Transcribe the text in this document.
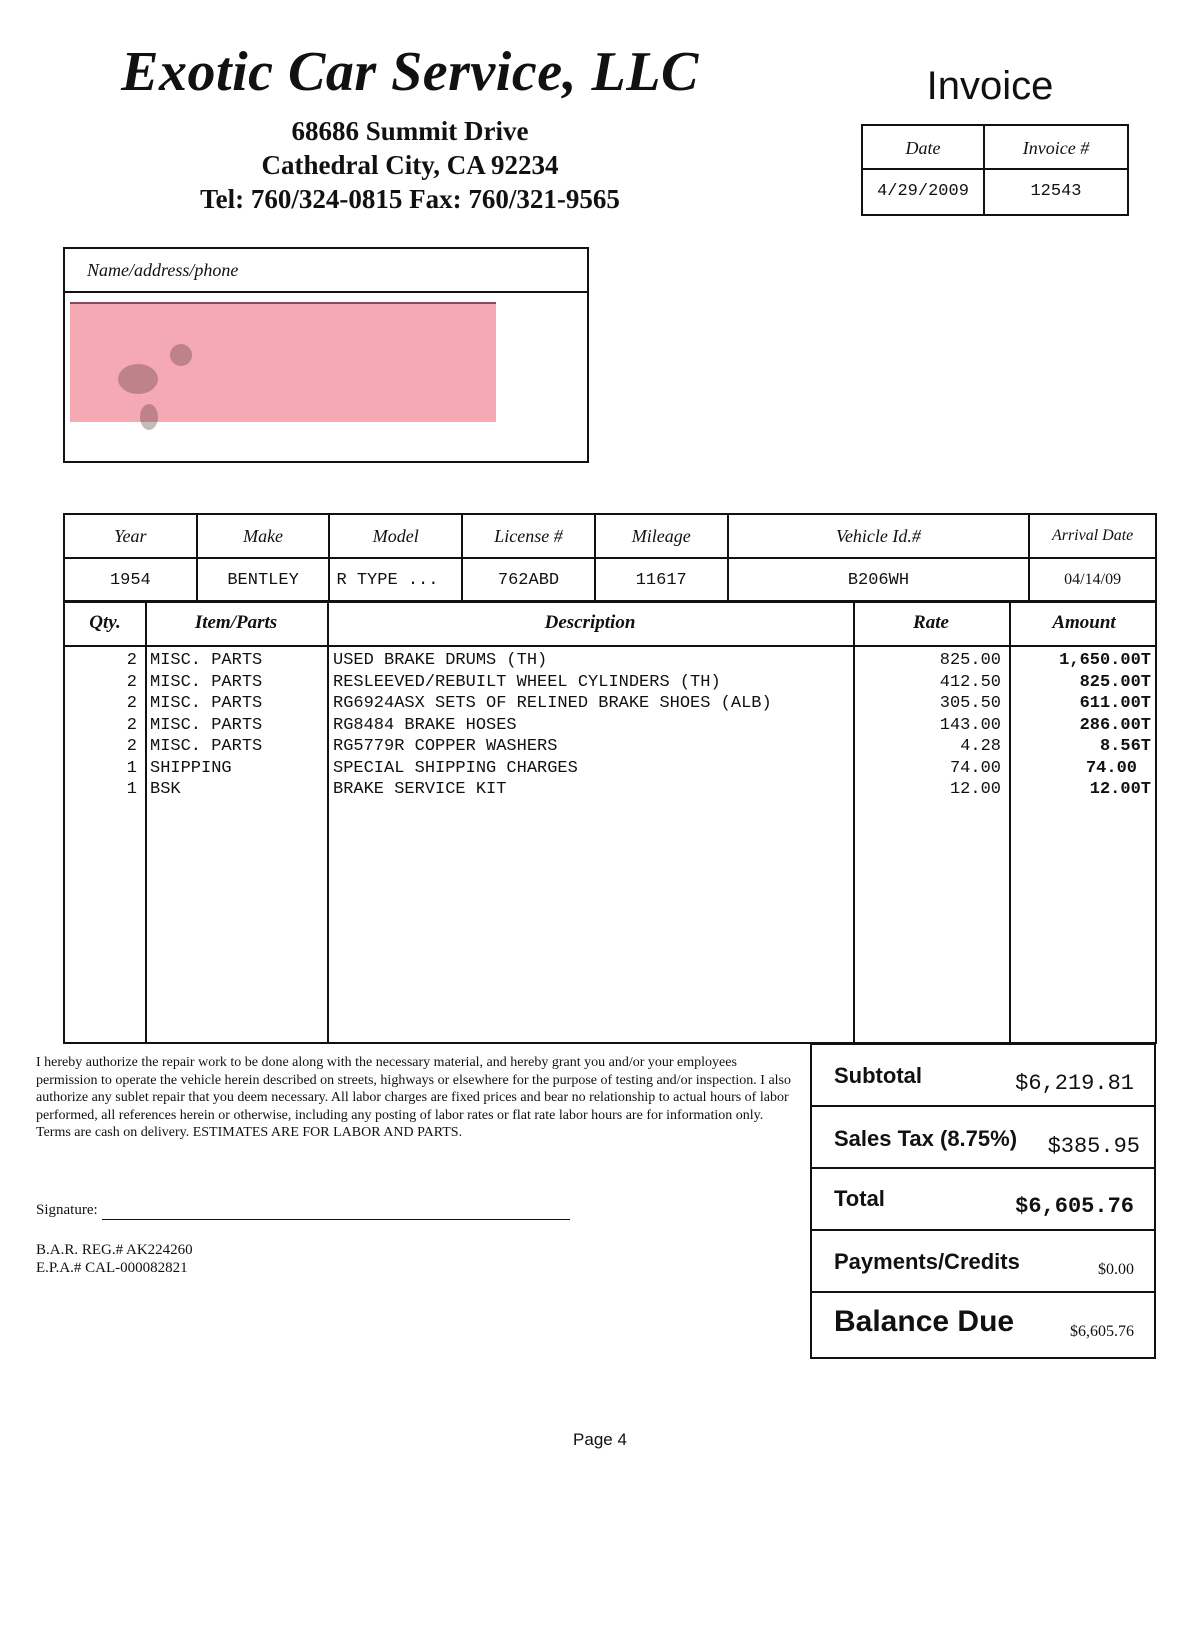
Exotic Car Service, LLC
68686 Summit Drive
Cathedral City, CA 92234
Tel: 760/324-0815 Fax: 760/321-9565
Invoice
Date	Invoice #
4/29/2009	12543
Name/address/phone
Year	Make	Model	License #	Mileage	Vehicle Id.#	Arrival Date
1954	BENTLEY	R TYPE ...	762ABD	11617	B206WH	04/14/09
Qty.	Item/Parts	Description	Rate	Amount
2 MISC. PARTS	USED BRAKE DRUMS (TH)	825.00	1,650.00T
2 MISC. PARTS	RESLEEVED/REBUILT WHEEL CYLINDERS (TH)	412.50	825.00T
2 MISC. PARTS	RG6924ASX SETS OF RELINED BRAKE SHOES (ALB)	305.50	611.00T
2 MISC. PARTS	RG8484 BRAKE HOSES	143.00	286.00T
2 MISC. PARTS	RG5779R COPPER WASHERS	4.28	8.56T
1 SHIPPING	SPECIAL SHIPPING CHARGES	74.00	74.00
1 BSK	BRAKE SERVICE KIT	12.00	12.00T
I hereby authorize the repair work to be done along with the necessary material, and hereby grant you and/or your employees permission to operate the vehicle herein described on streets, highways or elsewhere for the purpose of testing and/or inspection. I also authorize any sublet repair that you deem necessary. All labor charges are fixed prices and bear no relationship to actual hours of labor performed, all references herein or otherwise, including any posting of labor rates or flat rate labor hours are for information only. Terms are cash on delivery. ESTIMATES ARE FOR LABOR AND PARTS.
Signature:
B.A.R. REG.# AK224260
E.P.A.# CAL-000082821
Subtotal	$6,219.81
Sales Tax (8.75%) $385.95
Total	$6,605.76
Payments/Credits	$0.00
Balance Due	$6,605.76
Page 4
